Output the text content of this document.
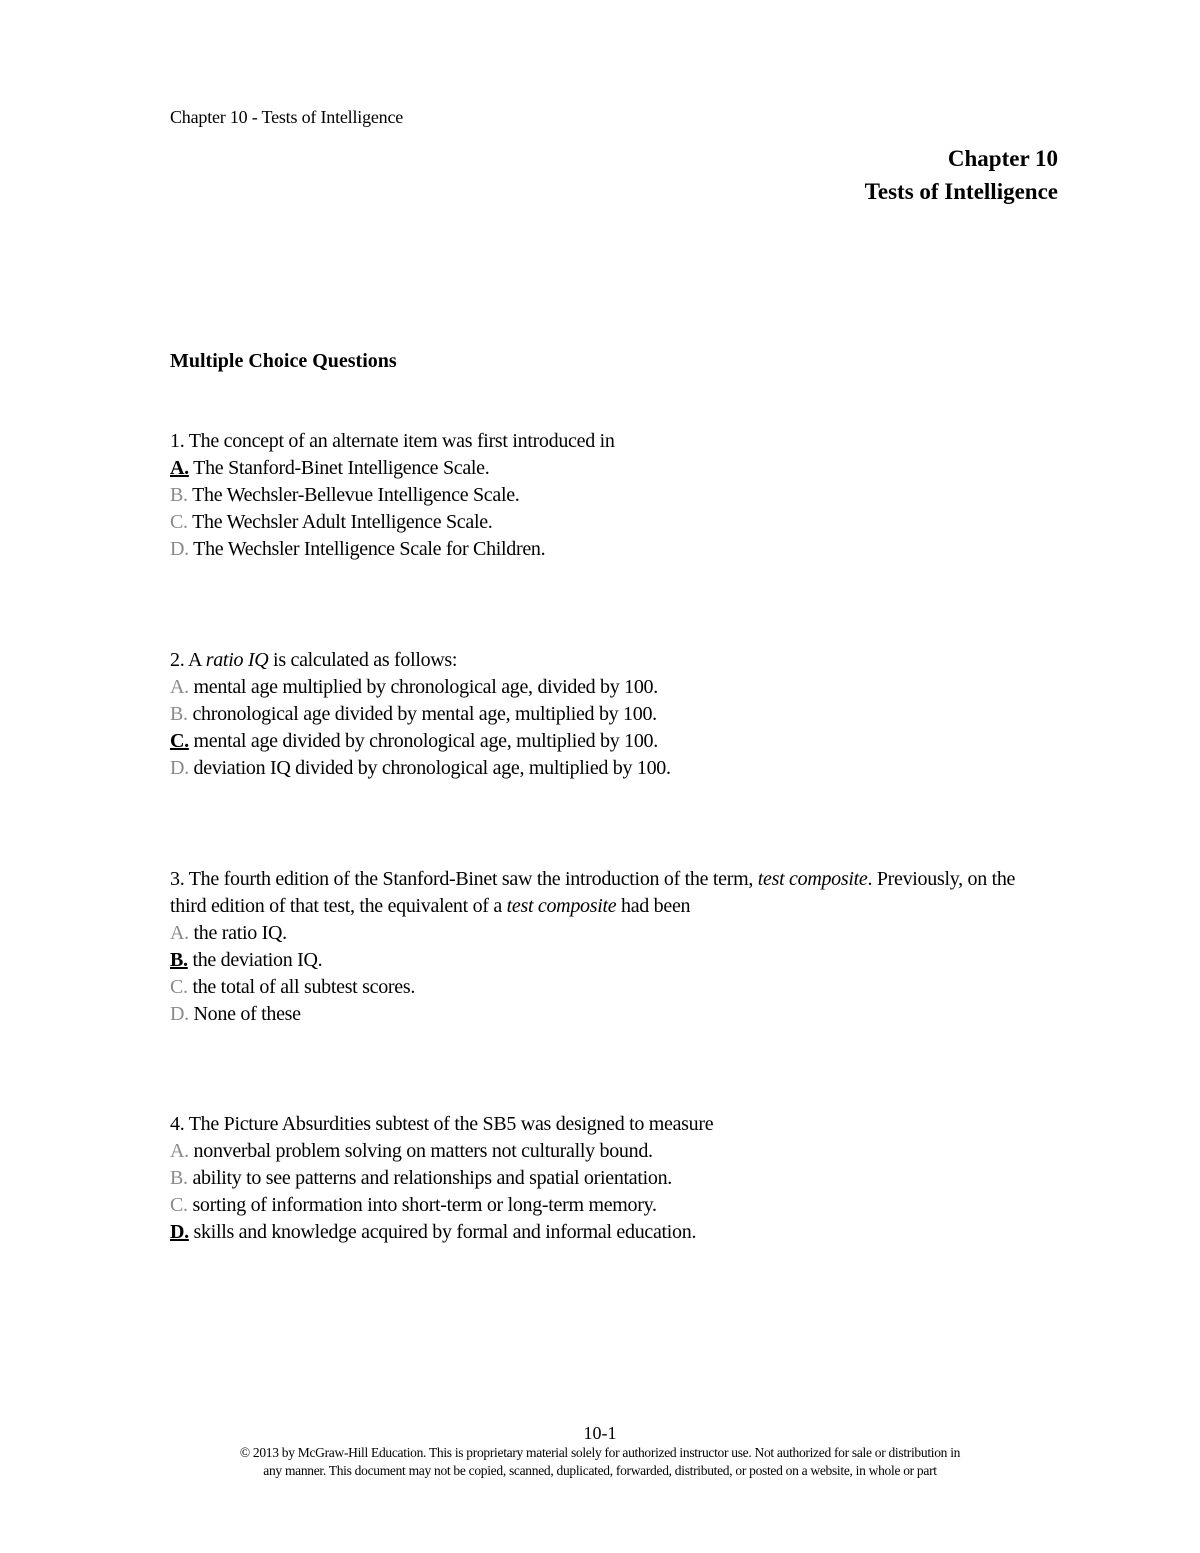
Chapter 10 - Tests of Intelligence
Chapter 10
Tests of Intelligence
Multiple Choice Questions

1. The concept of an alternate item was first introduced in

A. The Stanford-Binet Intelligence Scale.

B. The Wechsler-Bellevue Intelligence Scale.

C. The Wechsler Adult Intelligence Scale.

D. The Wechsler Intelligence Scale for Children.

2. A ratio IQ is calculated as follows:

A. mental age multiplied by chronological age, divided by 100.

B. chronological age divided by mental age, multiplied by 100.

C. mental age divided by chronological age, multiplied by 100.

D. deviation IQ divided by chronological age, multiplied by 100.

3. The fourth edition of the Stanford-Binet saw the introduction of the term, test composite. Previously, on the third edition of that test, the equivalent of a test composite had been

A. the ratio IQ.

B. the deviation IQ.

C. the total of all subtest scores.

D. None of these

4. The Picture Absurdities subtest of the SB5 was designed to measure

A. nonverbal problem solving on matters not culturally bound.

B. ability to see patterns and relationships and spatial orientation.

C. sorting of information into short-term or long-term memory.

D. skills and knowledge acquired by formal and informal education.

10-1
© 2013 by McGraw-Hill Education. This is proprietary material solely for authorized instructor use. Not authorized for sale or distribution in
any manner. This document may not be copied, scanned, duplicated, forwarded, distributed, or posted on a website, in whole or part
